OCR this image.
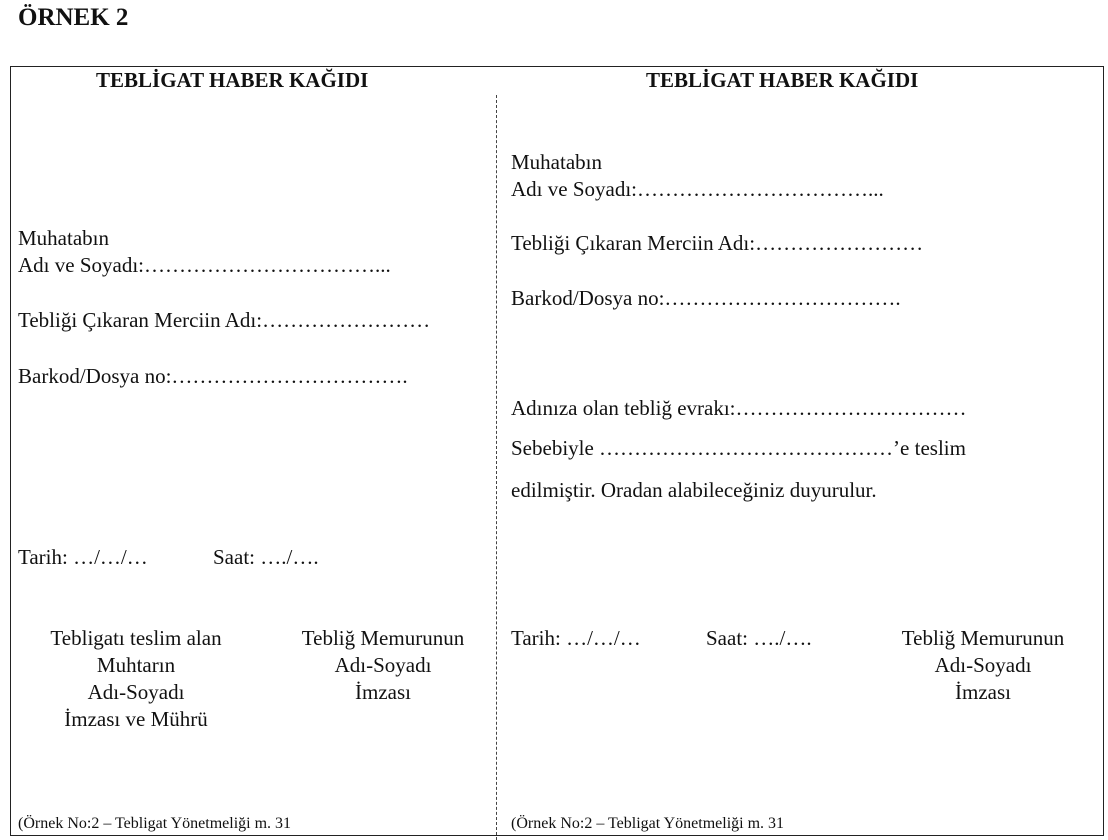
ÖRNEK 2
TEBLİGAT HABER KAĞIDI
Muhatabın
Adı ve Soyadı:……………………………...
Tebliği Çıkaran Merciin Adı:……………………
Barkod/Dosya no:…………………………….
Tarih: …/…/…	Saat: …./….
Tebligatı teslim alan
Muhtarın
Adı-Soyadı
İmzası ve Mührü
Tebliğ Memurunun
Adı-Soyadı
İmzası
(Örnek No:2 – Tebligat Yönetmeliği m. 31
TEBLİGAT HABER KAĞIDI
Muhatabın
Adı ve Soyadı:……………………………...
Tebliği Çıkaran Merciin Adı:……………………
Barkod/Dosya no:…………………………….
Adınıza olan tebliğ evrakı:……………………………
Sebebiyle ……………………………………’e teslim
edilmiştir. Oradan alabileceğiniz duyurulur.
Tarih: …/…/…	Saat: …./….	Tebliğ Memurunun
Adı-Soyadı
İmzası
(Örnek No:2 – Tebligat Yönetmeliği m. 31
